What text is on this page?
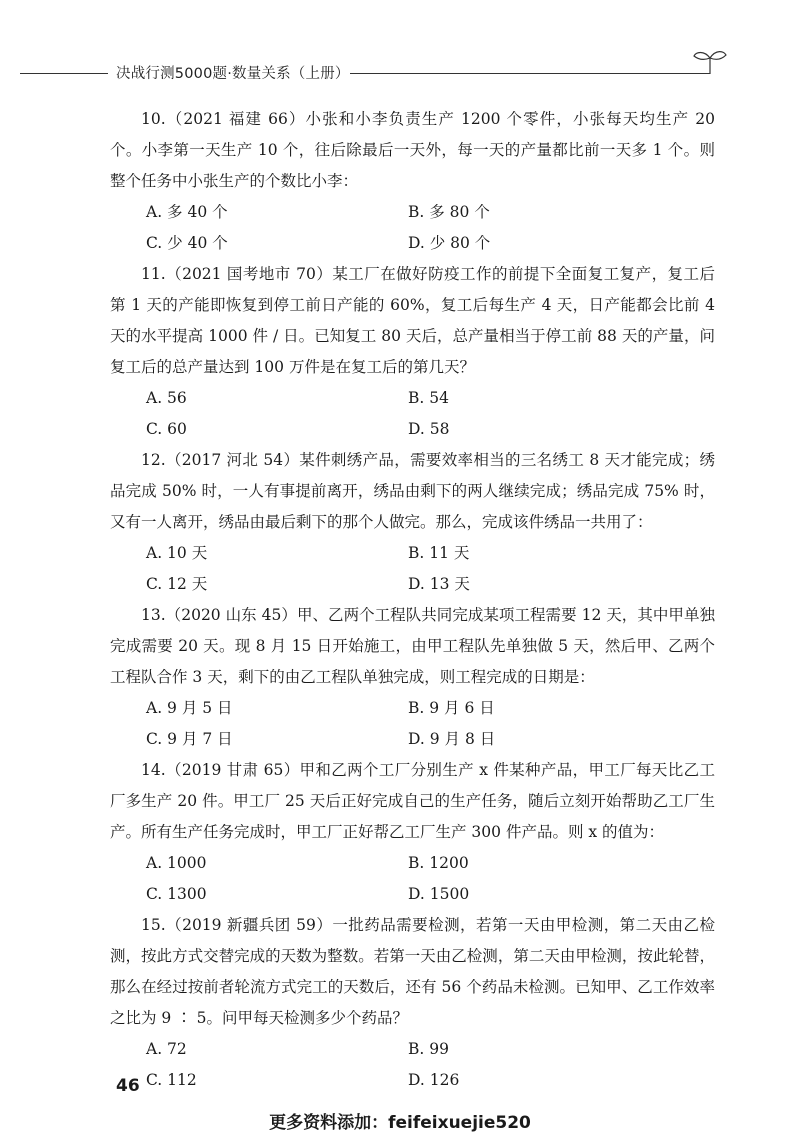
决战行测5000题·数量关系（上册）

10.（2021 福建 66）小张和小李负责生产 1200 个零件，小张每天均生产 20 个。小李第一天生产 10 个，往后除最后一天外，每一天的产量都比前一天多 1 个。则整个任务中小张生产的个数比小李：

A. 多 40 个	B. 多 80 个
C. 少 40 个	D. 少 80 个

11.（2021 国考地市 70）某工厂在做好防疫工作的前提下全面复工复产，复工后第 1 天的产能即恢复到停工前日产能的 60%，复工后每生产 4 天，日产能都会比前 4 天的水平提高 1000 件 / 日。已知复工 80 天后，总产量相当于停工前 88 天的产量，问复工后的总产量达到 100 万件是在复工后的第几天？

A. 56	B. 54
C. 60	D. 58

12.（2017 河北 54）某件刺绣产品，需要效率相当的三名绣工 8 天才能完成；绣品完成 50% 时，一人有事提前离开，绣品由剩下的两人继续完成；绣品完成 75% 时，又有一人离开，绣品由最后剩下的那个人做完。那么，完成该件绣品一共用了：

A. 10 天	B. 11 天
C. 12 天	D. 13 天

13.（2020 山东 45）甲、乙两个工程队共同完成某项工程需要 12 天，其中甲单独完成需要 20 天。现 8 月 15 日开始施工，由甲工程队先单独做 5 天，然后甲、乙两个工程队合作 3 天，剩下的由乙工程队单独完成，则工程完成的日期是：

A. 9 月 5 日	B. 9 月 6 日
C. 9 月 7 日	D. 9 月 8 日

14.（2019 甘肃 65）甲和乙两个工厂分别生产 x 件某种产品，甲工厂每天比乙工厂多生产 20 件。甲工厂 25 天后正好完成自己的生产任务，随后立刻开始帮助乙工厂生产。所有生产任务完成时，甲工厂正好帮乙工厂生产 300 件产品。则 x 的值为：

A. 1000	B. 1200
C. 1300	D. 1500

15.（2019 新疆兵团 59）一批药品需要检测，若第一天由甲检测，第二天由乙检测，按此方式交替完成的天数为整数。若第一天由乙检测，第二天由甲检测，按此轮替，那么在经过按前者轮流方式完工的天数后，还有 56 个药品未检测。已知甲、乙工作效率之比为 9 ∶ 5。问甲每天检测多少个药品？

A. 72	B. 99
C. 112	D. 126
46
更多资料添加：feifeixuejie520
